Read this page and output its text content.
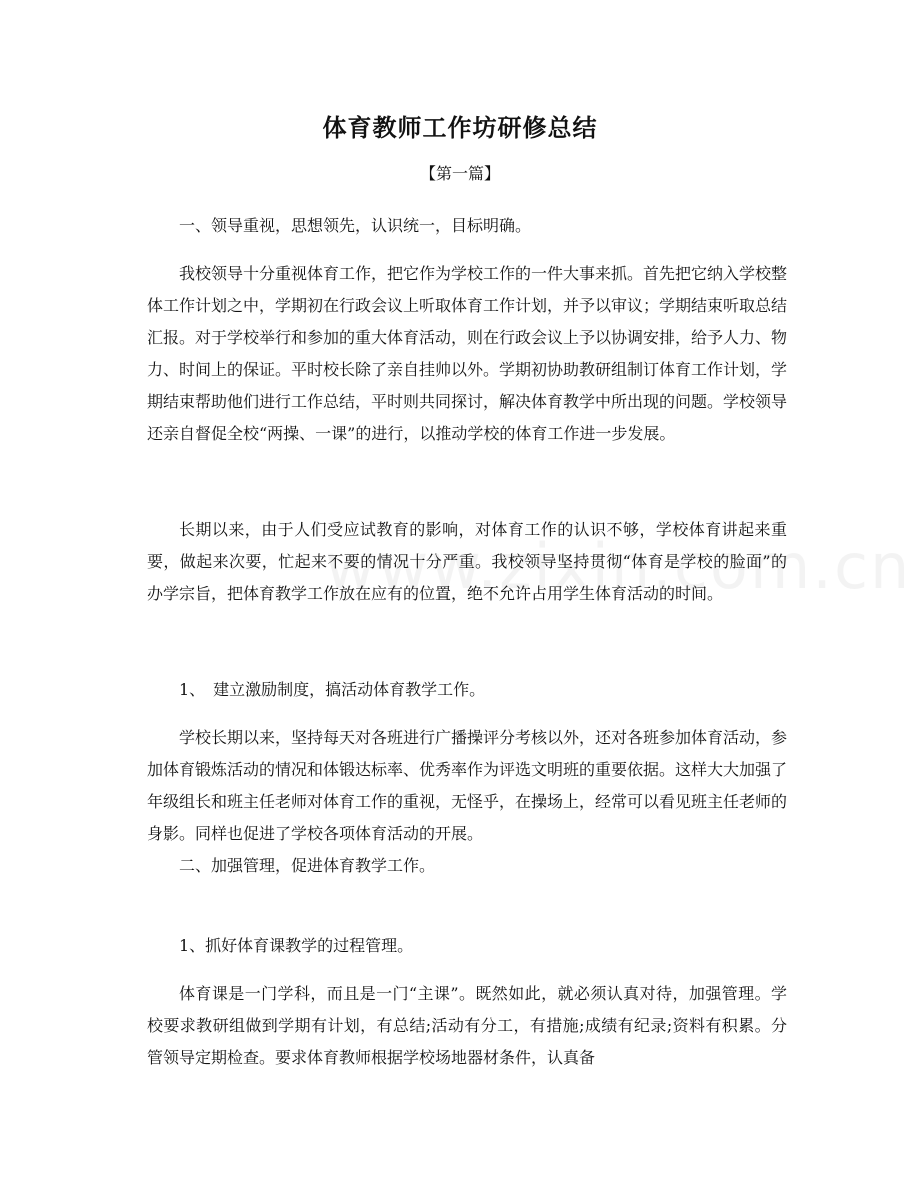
体育教师工作坊研修总结
【第一篇】

一、领导重视，思想领先，认识统一，目标明确。

我校领导十分重视体育工作，把它作为学校工作的一件大事来抓。首先把它纳入学校整体工作计划之中，学期初在行政会议上听取体育工作计划，并予以审议；学期结束听取总结汇报。对于学校举行和参加的重大体育活动，则在行政会议上予以协调安排，给予人力、物力、时间上的保证。平时校长除了亲自挂帅以外。学期初协助教研组制订体育工作计划，学期结束帮助他们进行工作总结，平时则共同探讨，解决体育教学中所出现的问题。学校领导还亲自督促全校“两操、一课”的进行，以推动学校的体育工作进一步发展。

长期以来，由于人们受应试教育的影响，对体育工作的认识不够，学校体育讲起来重要，做起来次要，忙起来不要的情况十分严重。我校领导坚持贯彻“体育是学校的脸面”的办学宗旨，把体育教学工作放在应有的位置，绝不允许占用学生体育活动的时间。

1、　建立激励制度，搞活动体育教学工作。

学校长期以来，坚持每天对各班进行广播操评分考核以外，还对各班参加体育活动，参加体育锻炼活动的情况和体锻达标率、优秀率作为评选文明班的重要依据。这样大大加强了年级组长和班主任老师对体育工作的重视，无怪乎，在操场上，经常可以看见班主任老师的身影。同样也促进了学校各项体育活动的开展。

二、加强管理，促进体育教学工作。

1、抓好体育课教学的过程管理。

体育课是一门学科，而且是一门“主课”。既然如此，就必须认真对待，加强管理。学校要求教研组做到学期有计划，有总结;活动有分工，有措施;成绩有纪录;资料有积累。分管领导定期检查。要求体育教师根据学校场地器材条件，认真备
